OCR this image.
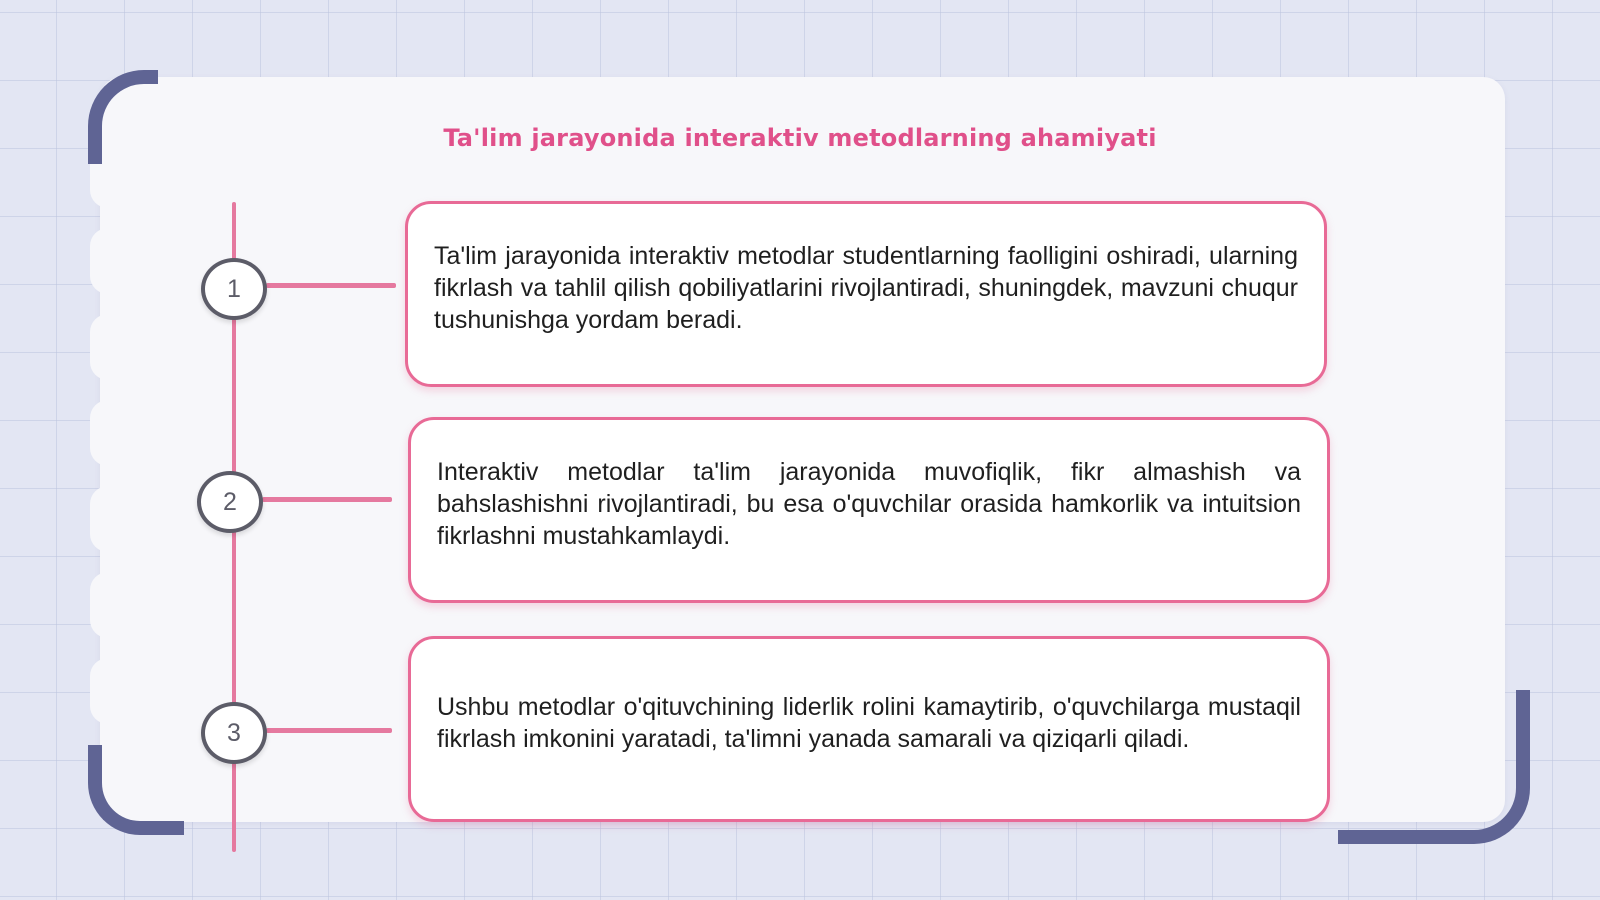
Ta'lim jarayonida interaktiv metodlarning ahamiyati
1

Ta'lim jarayonida interaktiv metodlar studentlarning faolligini oshiradi, ularning fikrlash va tahlil qilish qobiliyatlarini rivojlantiradi, shuningdek, mavzuni chuqur tushunishga yordam beradi.

2

Interaktiv metodlar ta'lim jarayonida muvofiqlik, fikr almashish va bahslashishni rivojlantiradi, bu esa o'quvchilar orasida hamkorlik va intuitsion fikrlashni mustahkamlaydi.

3

Ushbu metodlar o'qituvchining liderlik rolini kamaytirib, o'quvchilarga mustaqil fikrlash imkonini yaratadi, ta'limni yanada samarali va qiziqarli qiladi.
